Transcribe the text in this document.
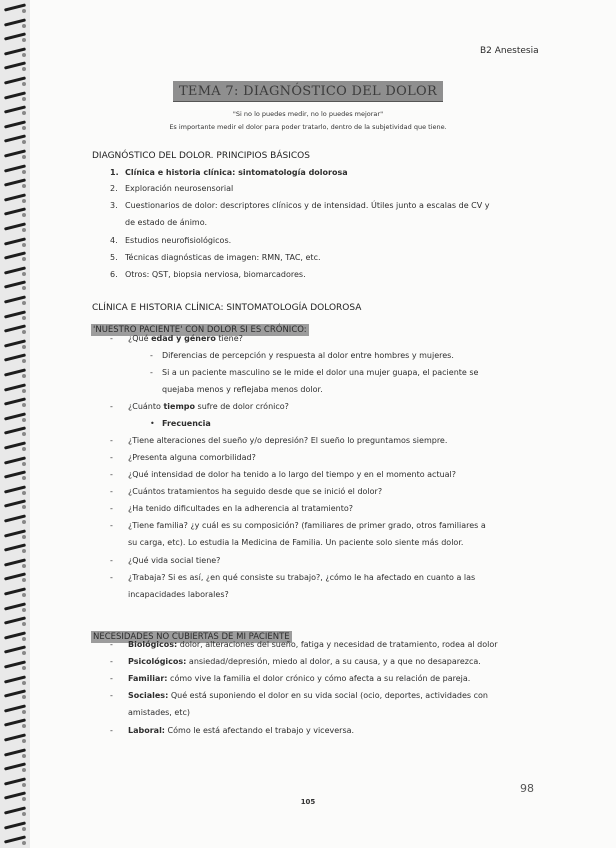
B2 Anestesia
TEMA 7: DIAGNÓSTICO DEL DOLOR
"Si no lo puedes medir, no lo puedes mejorar"
Es importante medir el dolor para poder tratarlo, dentro de la subjetividad que tiene.
DIAGNÓSTICO DEL DOLOR. PRINCIPIOS BÁSICOS
1. Clínica e historia clínica: sintomatología dolorosa
2. Exploración neurosensorial
3. Cuestionarios de dolor: descriptores clínicos y de intensidad. Útiles junto a escalas de CV y
de estado de ánimo.
4. Estudios neurofisiológicos.
5. Técnicas diagnósticas de imagen: RMN, TAC, etc.
6. Otros: QST, biopsia nerviosa, biomarcadores.
CLÍNICA E HISTORIA CLÍNICA: SINTOMATOLOGÍA DOLOROSA
'NUESTRO PACIENTE' CON DOLOR SI ES CRÓNICO:
- ¿Qué edad y género tiene?
- Diferencias de percepción y respuesta al dolor entre hombres y mujeres.
- Si a un paciente masculino se le mide el dolor una mujer guapa, el paciente se
quejaba menos y reflejaba menos dolor.
- ¿Cuánto tiempo sufre de dolor crónico?
• Frecuencia
- ¿Tiene alteraciones del sueño y/o depresión? El sueño lo preguntamos siempre.
- ¿Presenta alguna comorbilidad?
- ¿Qué intensidad de dolor ha tenido a lo largo del tiempo y en el momento actual?
- ¿Cuántos tratamientos ha seguido desde que se inició el dolor?
- ¿Ha tenido dificultades en la adherencia al tratamiento?
- ¿Tiene familia? ¿y cuál es su composición? (familiares de primer grado, otros familiares a
su carga, etc). Lo estudia la Medicina de Familia. Un paciente solo siente más dolor.
- ¿Qué vida social tiene?
- ¿Trabaja? Si es así, ¿en qué consiste su trabajo?, ¿cómo le ha afectado en cuanto a las
incapacidades laborales?
NECESIDADES NO CUBIERTAS DE MI PACIENTE
- Biológicos: dolor, alteraciones del sueño, fatiga y necesidad de tratamiento, rodea al dolor
- Psicológicos: ansiedad/depresión, miedo al dolor, a su causa, y a que no desaparezca.
- Familiar: cómo vive la familia el dolor crónico y cómo afecta a su relación de pareja.
- Sociales: Qué está suponiendo el dolor en su vida social (ocio, deportes, actividades con
amistades, etc)
- Laboral: Cómo le está afectando el trabajo y viceversa.
98
105
